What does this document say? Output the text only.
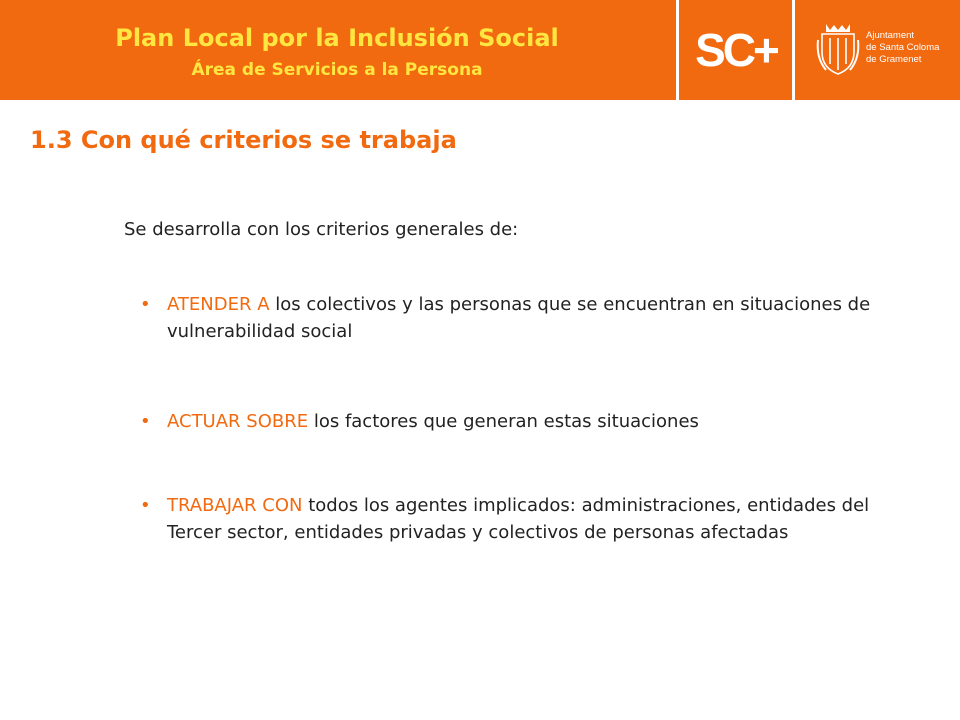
Plan Local por la Inclusión Social
Área de Servicios a la Persona	SC+	Ajuntament
de Santa Coloma
de Gramenet
1.3 Con qué criterios se trabaja
Se desarrolla con los criterios generales de:
• ATENDER A los colectivos y las personas que se encuentran en situaciones de vulnerabilidad social
• ACTUAR SOBRE los factores que generan estas situaciones
• TRABAJAR CON todos los agentes implicados: administraciones, entidades del Tercer sector, entidades privadas y colectivos de personas afectadas
